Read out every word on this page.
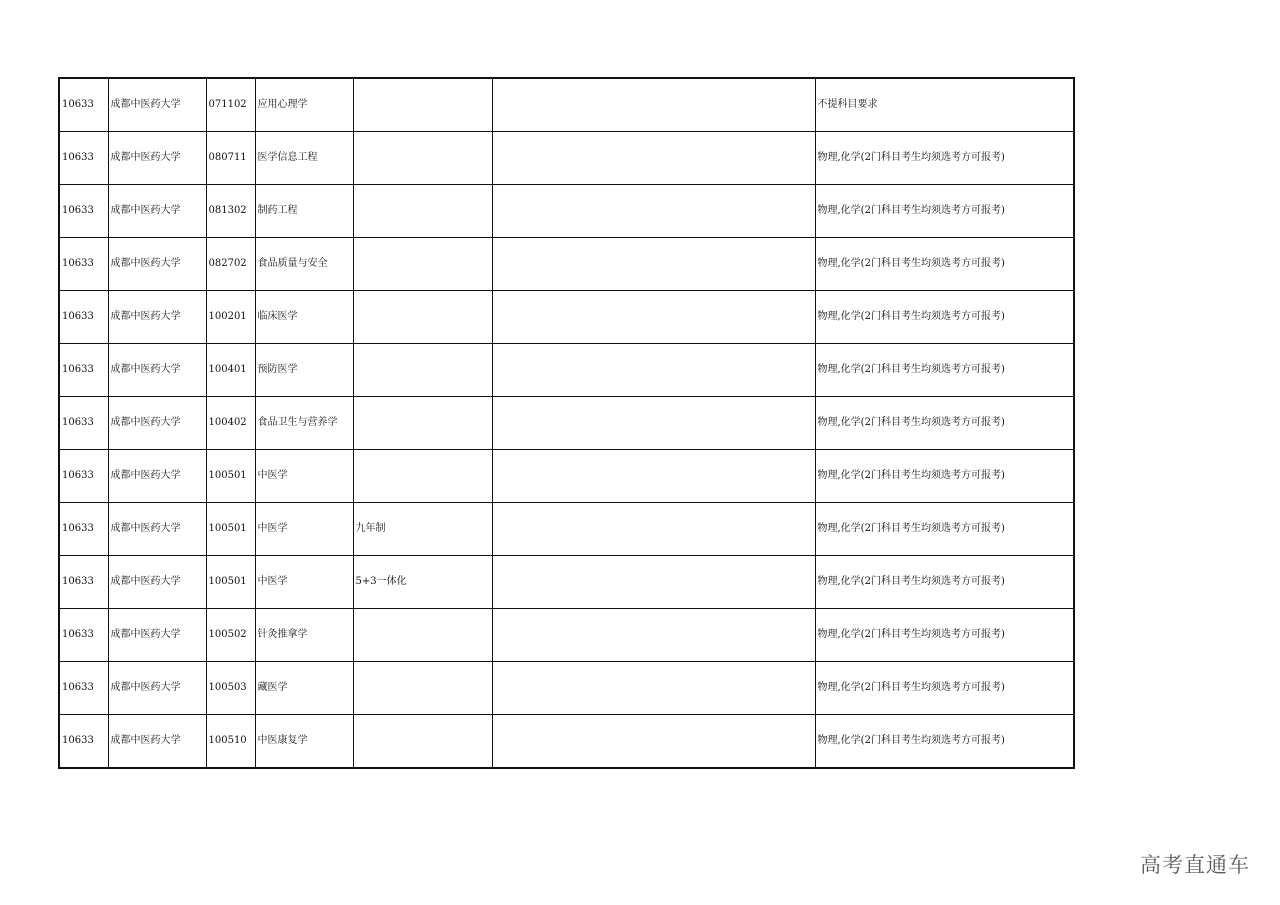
10633	成都中医药大学	071102	应用心理学			不提科目要求
10633	成都中医药大学	080711	医学信息工程			物理,化学(2门科目考生均须选考方可报考)
10633	成都中医药大学	081302	制药工程			物理,化学(2门科目考生均须选考方可报考)
10633	成都中医药大学	082702	食品质量与安全			物理,化学(2门科目考生均须选考方可报考)
10633	成都中医药大学	100201	临床医学			物理,化学(2门科目考生均须选考方可报考)
10633	成都中医药大学	100401	预防医学			物理,化学(2门科目考生均须选考方可报考)
10633	成都中医药大学	100402	食品卫生与营养学			物理,化学(2门科目考生均须选考方可报考)
10633	成都中医药大学	100501	中医学			物理,化学(2门科目考生均须选考方可报考)
10633	成都中医药大学	100501	中医学	九年制		物理,化学(2门科目考生均须选考方可报考)
10633	成都中医药大学	100501	中医学	5+3一体化		物理,化学(2门科目考生均须选考方可报考)
10633	成都中医药大学	100502	针灸推拿学			物理,化学(2门科目考生均须选考方可报考)
10633	成都中医药大学	100503	藏医学			物理,化学(2门科目考生均须选考方可报考)
10633	成都中医药大学	100510	中医康复学			物理,化学(2门科目考生均须选考方可报考)
高考直通车
